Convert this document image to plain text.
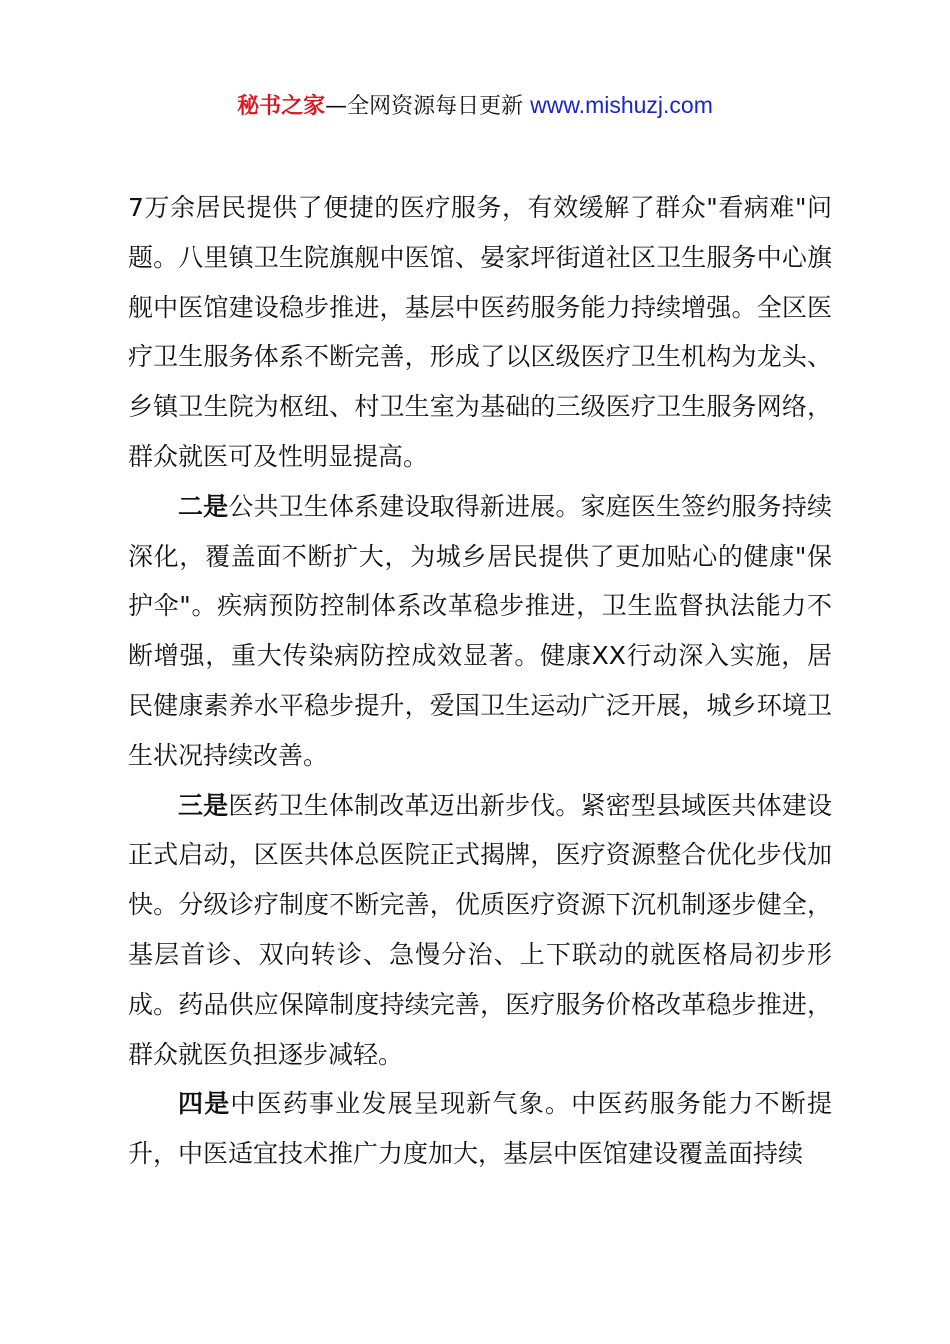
秘书之家—全网资源每日更新 www.mishuzj.com

7万余居民提供了便捷的医疗服务，有效缓解了群众"看病难"问题。八里镇卫生院旗舰中医馆、晏家坪街道社区卫生服务中心旗舰中医馆建设稳步推进，基层中医药服务能力持续增强。全区医疗卫生服务体系不断完善，形成了以区级医疗卫生机构为龙头、乡镇卫生院为枢纽、村卫生室为基础的三级医疗卫生服务网络，群众就医可及性明显提高。

二是公共卫生体系建设取得新进展。家庭医生签约服务持续深化，覆盖面不断扩大，为城乡居民提供了更加贴心的健康"保护伞"。疾病预防控制体系改革稳步推进，卫生监督执法能力不断增强，重大传染病防控成效显著。健康XX行动深入实施，居民健康素养水平稳步提升，爱国卫生运动广泛开展，城乡环境卫生状况持续改善。

三是医药卫生体制改革迈出新步伐。紧密型县域医共体建设正式启动，区医共体总医院正式揭牌，医疗资源整合优化步伐加快。分级诊疗制度不断完善，优质医疗资源下沉机制逐步健全，基层首诊、双向转诊、急慢分治、上下联动的就医格局初步形成。药品供应保障制度持续完善，医疗服务价格改革稳步推进，群众就医负担逐步减轻。

四是中医药事业发展呈现新气象。中医药服务能力不断提升，中医适宜技术推广力度加大，基层中医馆建设覆盖面持续
